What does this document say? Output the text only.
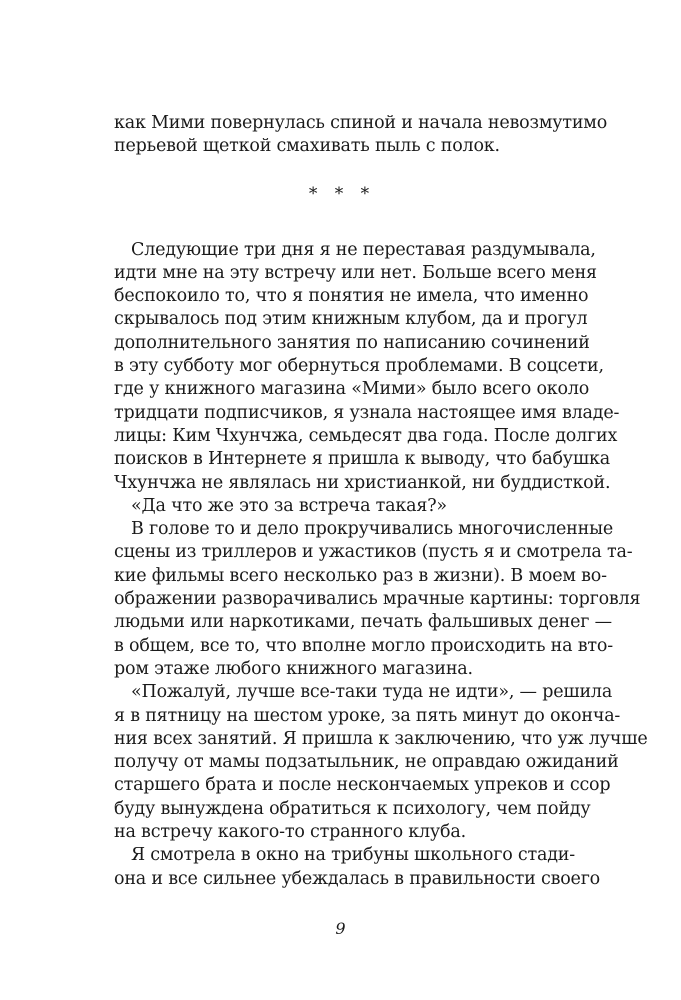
как Мими повернулась спиной и начала невозмутимо
перьевой щеткой смахивать пыль с полок.
* * *
Следующие три дня я не переставая раздумывала,
идти мне на эту встречу или нет. Больше всего меня
беспокоило то, что я понятия не имела, что именно
скрывалось под этим книжным клубом, да и прогул
дополнительного занятия по написанию сочинений
в эту субботу мог обернуться проблемами. В соцсети,
где у книжного магазина «Мими» было всего около
тридцати подписчиков, я узнала настоящее имя владе-
лицы: Ким Чхунчжа, семьдесят два года. После долгих
поисков в Интернете я пришла к выводу, что бабушка
Чхунчжа не являлась ни христианкой, ни буддисткой.
«Да что же это за встреча такая?»
В голове то и дело прокручивались многочисленные
сцены из триллеров и ужастиков (пусть я и смотрела та-
кие фильмы всего несколько раз в жизни). В моем во-
ображении разворачивались мрачные картины: торговля
людьми или наркотиками, печать фальшивых денег —
в общем, все то, что вполне могло происходить на вто-
ром этаже любого книжного магазина.
«Пожалуй, лучше все-таки туда не идти», — решила
я в пятницу на шестом уроке, за пять минут до оконча-
ния всех занятий. Я пришла к заключению, что уж лучше
получу от мамы подзатыльник, не оправдаю ожиданий
старшего брата и после нескончаемых упреков и ссор
буду вынуждена обратиться к психологу, чем пойду
на встречу какого-то странного клуба.
Я смотрела в окно на трибуны школьного стади-
она и все сильнее убеждалась в правильности своего
9
